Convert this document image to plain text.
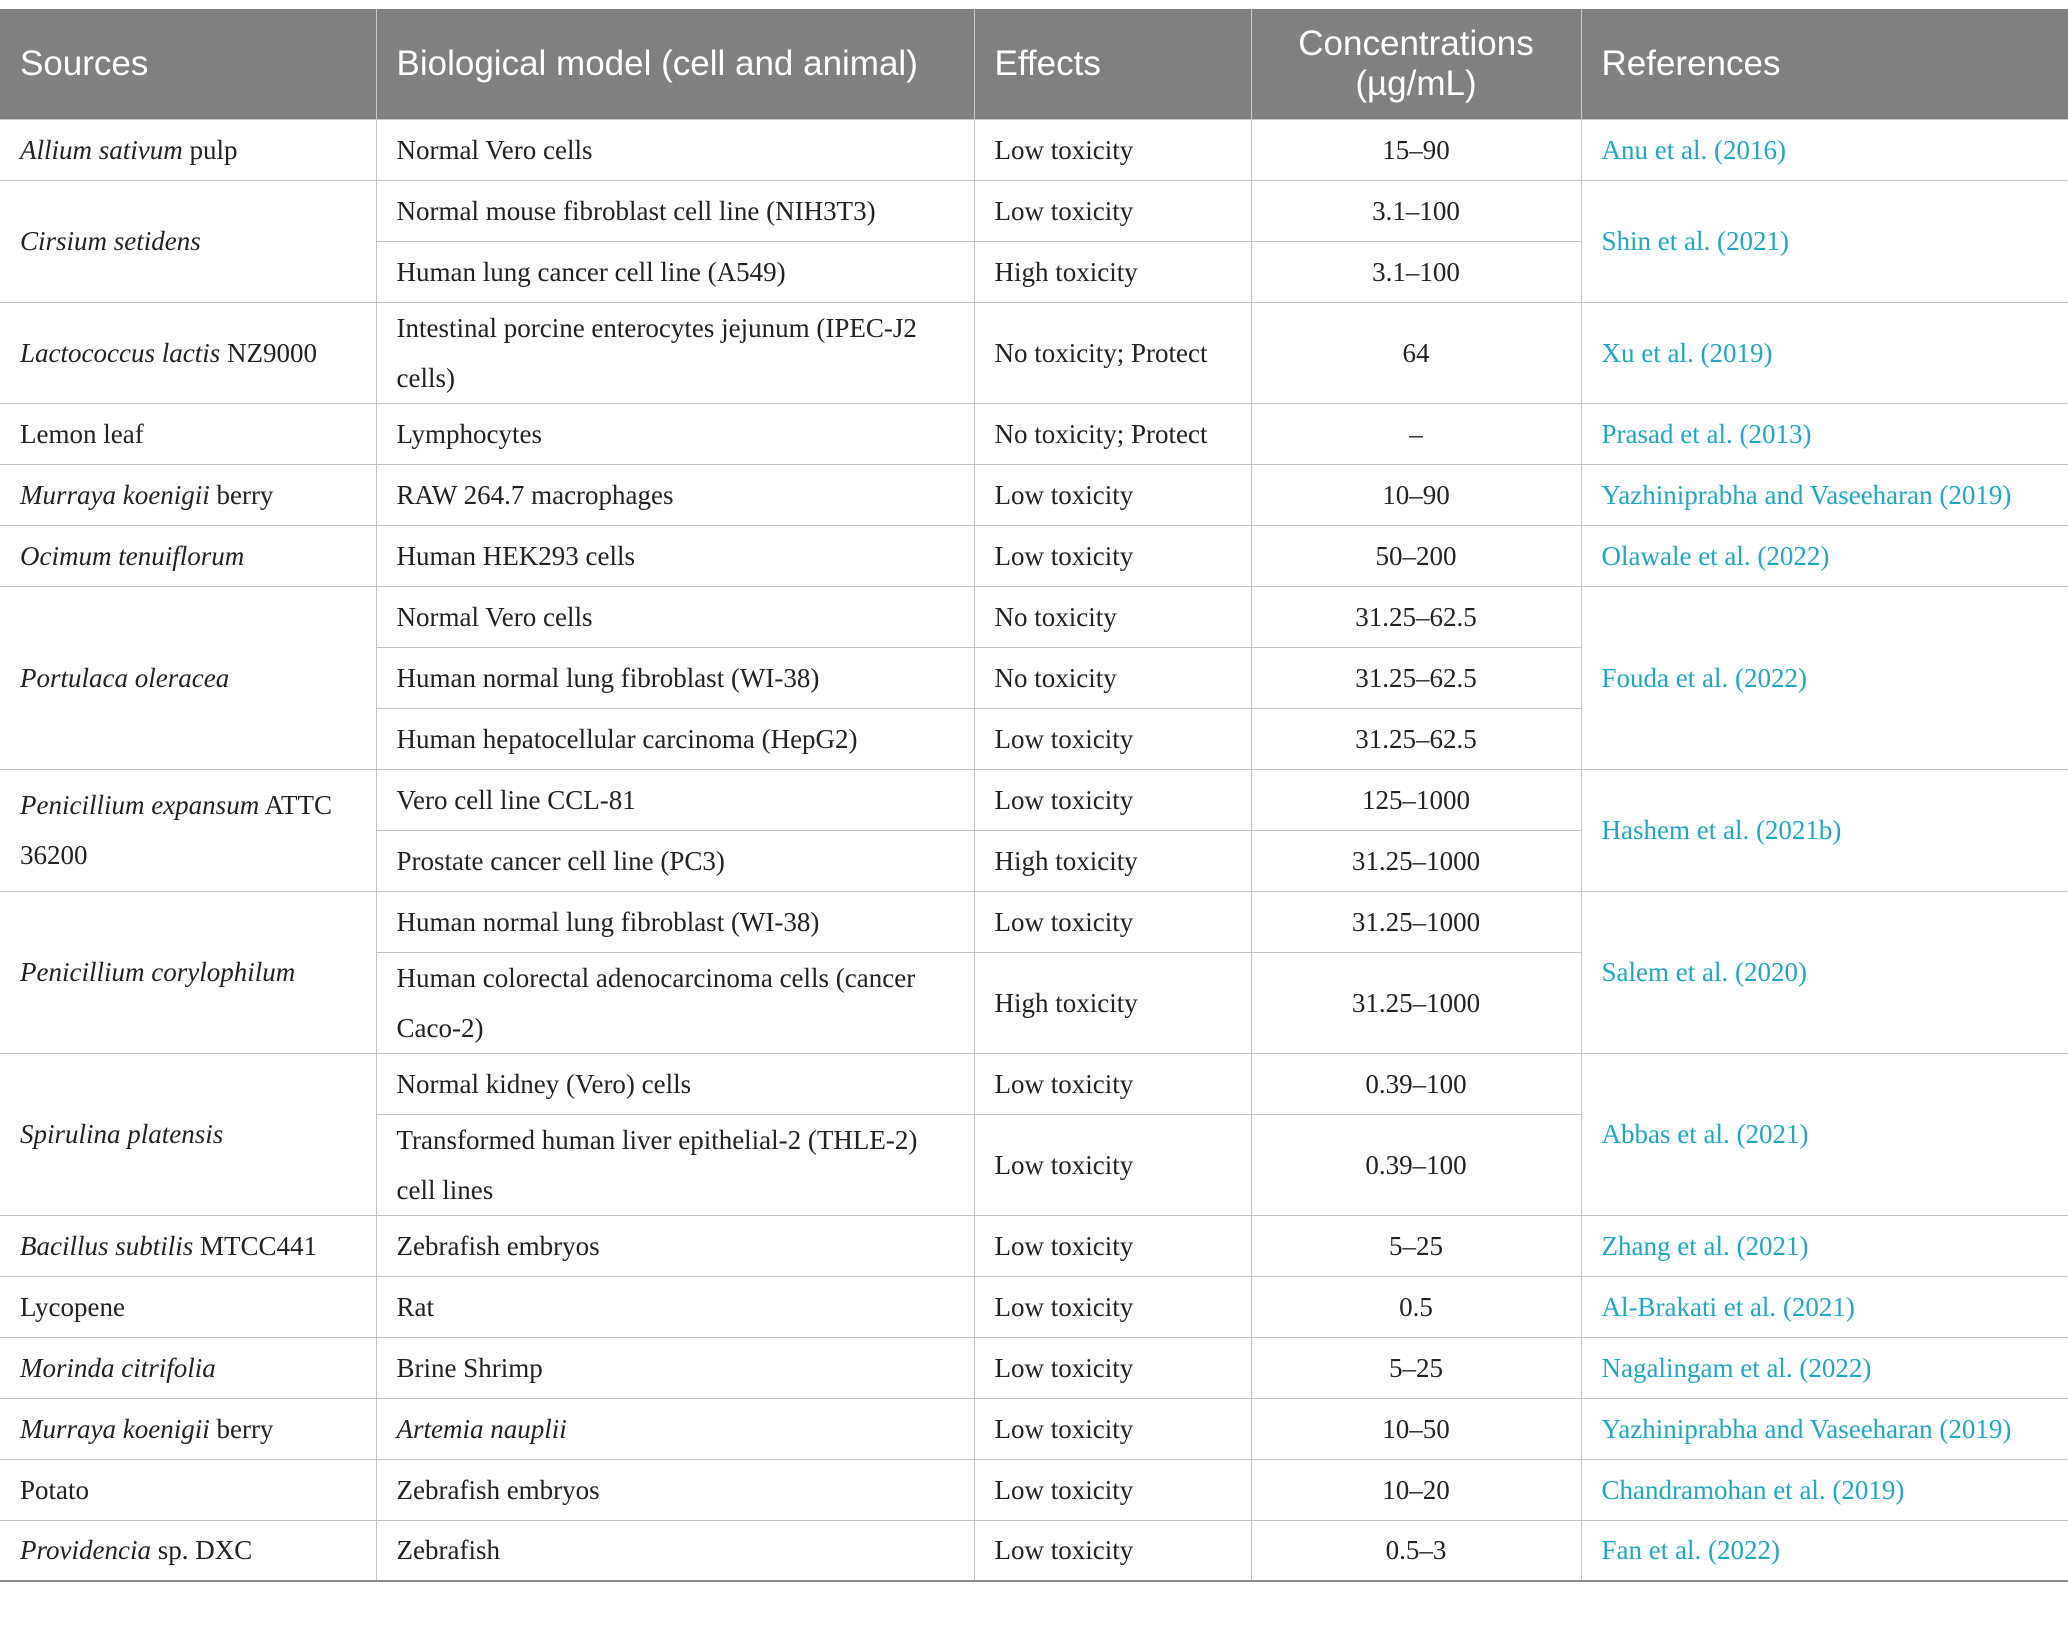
Sources	Biological model (cell and animal)	Effects	Concentrations (µg/mL)	References
Allium sativum pulp	Normal Vero cells	Low toxicity	15–90	Anu et al. (2016)
Cirsium setidens	Normal mouse fibroblast cell line (NIH3T3)	Low toxicity	3.1–100	Shin et al. (2021)
	Human lung cancer cell line (A549)	High toxicity	3.1–100	
Lactococcus lactis NZ9000	Intestinal porcine enterocytes jejunum (IPEC-J2 cells)	No toxicity; Protect	64	Xu et al. (2019)
Lemon leaf	Lymphocytes	No toxicity; Protect	–	Prasad et al. (2013)
Murraya koenigii berry	RAW 264.7 macrophages	Low toxicity	10–90	Yazhiniprabha and Vaseeharan (2019)
Ocimum tenuiflorum	Human HEK293 cells	Low toxicity	50–200	Olawale et al. (2022)
Portulaca oleracea	Normal Vero cells	No toxicity	31.25–62.5	Fouda et al. (2022)
	Human normal lung fibroblast (WI-38)	No toxicity	31.25–62.5	
	Human hepatocellular carcinoma (HepG2)	Low toxicity	31.25–62.5	
Penicillium expansum ATTC 36200	Vero cell line CCL-81	Low toxicity	125–1000	Hashem et al. (2021b)
	Prostate cancer cell line (PC3)	High toxicity	31.25–1000	
Penicillium corylophilum	Human normal lung fibroblast (WI-38)	Low toxicity	31.25–1000	Salem et al. (2020)
	Human colorectal adenocarcinoma cells (cancer Caco-2)	High toxicity	31.25–1000	
Spirulina platensis	Normal kidney (Vero) cells	Low toxicity	0.39–100	Abbas et al. (2021)
	Transformed human liver epithelial-2 (THLE-2) cell lines	Low toxicity	0.39–100	
Bacillus subtilis MTCC441	Zebrafish embryos	Low toxicity	5–25	Zhang et al. (2021)
Lycopene	Rat	Low toxicity	0.5	Al-Brakati et al. (2021)
Morinda citrifolia	Brine Shrimp	Low toxicity	5–25	Nagalingam et al. (2022)
Murraya koenigii berry	Artemia nauplii	Low toxicity	10–50	Yazhiniprabha and Vaseeharan (2019)
Potato	Zebrafish embryos	Low toxicity	10–20	Chandramohan et al. (2019)
Providencia sp. DXC	Zebrafish	Low toxicity	0.5–3	Fan et al. (2022)
